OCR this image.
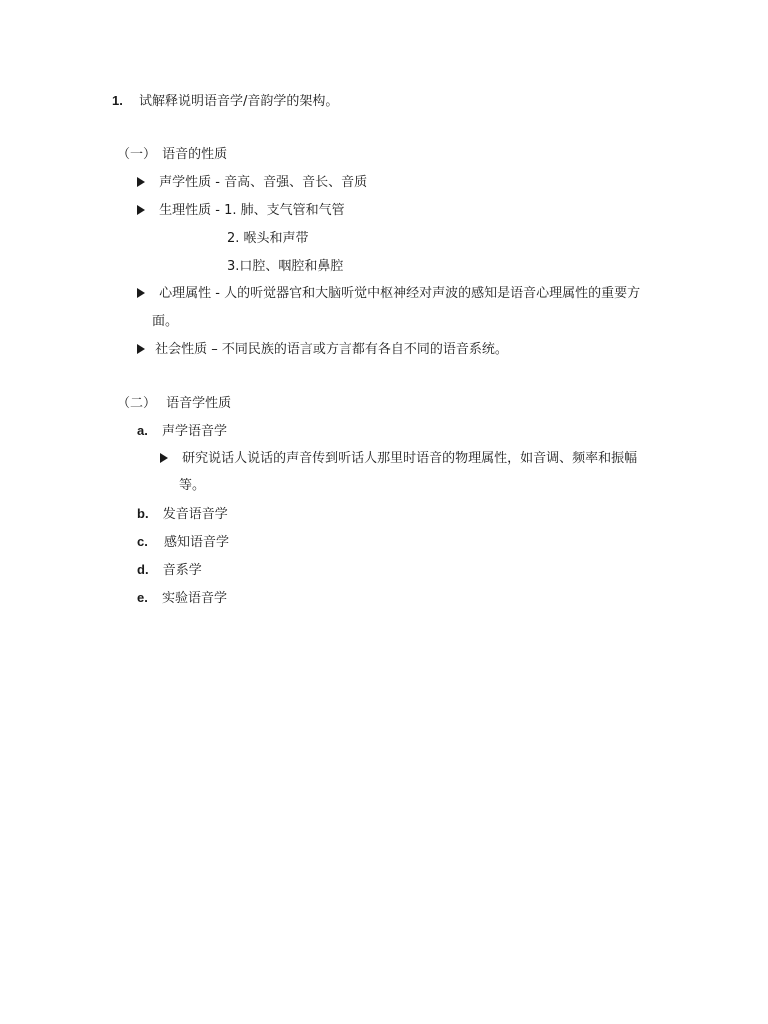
1. 试解释说明语音学/音韵学的架构。
（一） 语音的性质
声学性质 - 音高、音强、音长、音质
生理性质 - 1. 肺、支气管和气管
2. 喉头和声带
3.口腔、咽腔和鼻腔
心理属性 - 人的听觉器官和大脑听觉中枢神经对声波的感知是语音心理属性的重要方
面。
社会性质 – 不同民族的语言或方言都有各自不同的语音系统。
（二） 语音学性质
a. 声学语音学
研究说话人说话的声音传到听话人那里时语音的物理属性，如音调、频率和振幅
等。
b. 发音语音学
c. 感知语音学
d. 音系学
e. 实验语音学
